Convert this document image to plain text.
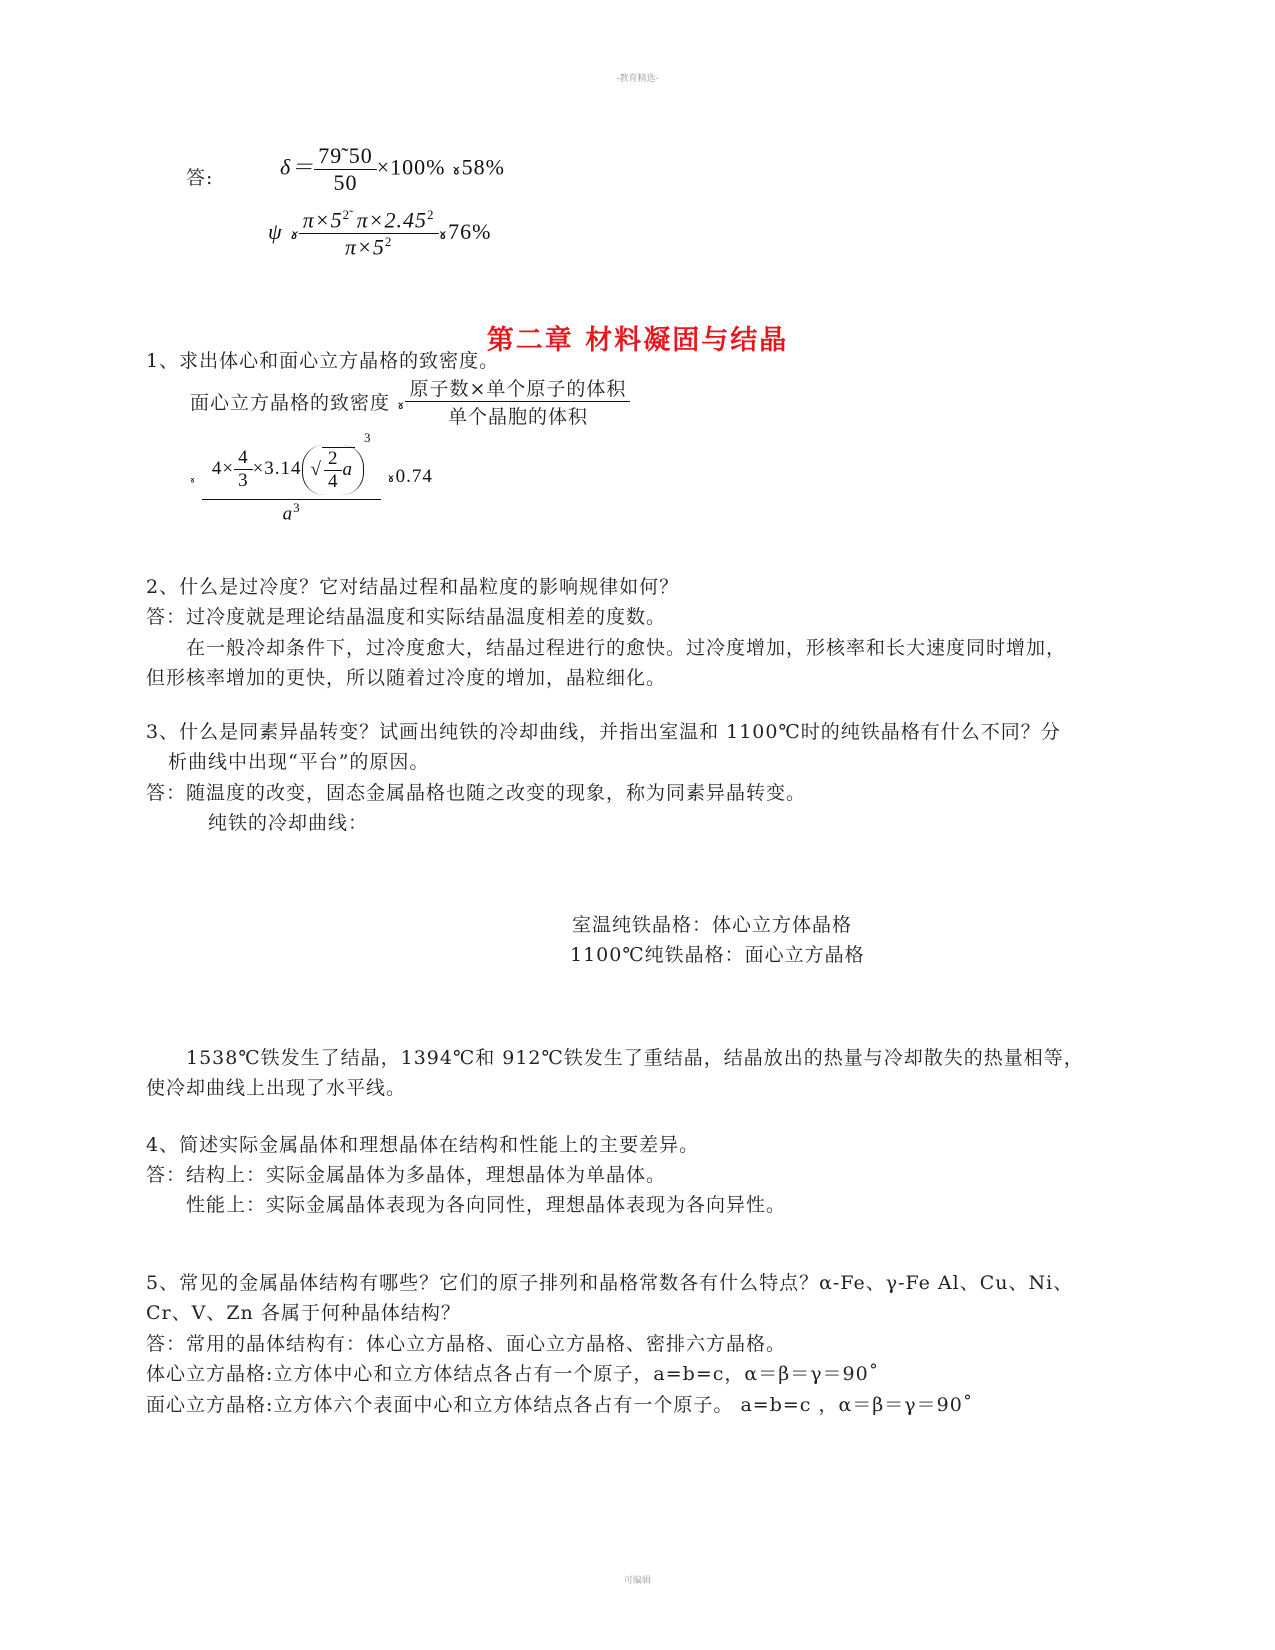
-教育精选-
答:	$\delta= \frac{79̃ 50}{50} \times 100\%$ ៵58%
ψ ៵ $\frac{\pi\times 5^{2̃} \pi\times 2.45^2}{\pi\times 5^2}$ ៵76%
第二章 材料凝固与结晶
1、求出体心和面心立方晶格的致密度。
面心立方晶格的致密度 ៵ $\frac{\text{原子数×单个原子的体积}}{\text{单个晶胞的体积}}$
៵ $\frac{4\times \frac{4}{3} \times 3.14 √ \frac{2}{4} a^3}{a^3}$ ៵0.74
2、什么是过冷度？它对结晶过程和晶粒度的影响规律如何？
答：过冷度就是理论结晶温度和实际结晶温度相差的度数。
在一般冷却条件下，过冷度愈大，结晶过程进行的愈快。过冷度增加，形核率和长大速度同时增加，
但形核率增加的更快，所以随着过冷度的增加，晶粒细化。
3、什么是同素异晶转变？试画出纯铁的冷却曲线，并指出室温和 1100℃时的纯铁晶格有什么不同？分
析曲线中出现“平台”的原因。
答：随温度的改变，固态金属晶格也随之改变的现象，称为同素异晶转变。
纯铁的冷却曲线：
室温纯铁晶格：体心立方体晶格
1100℃纯铁晶格：面心立方晶格
1538℃铁发生了结晶，1394℃和 912℃铁发生了重结晶，结晶放出的热量与冷却散失的热量相等，
使冷却曲线上出现了水平线。
4、简述实际金属晶体和理想晶体在结构和性能上的主要差异。
答：结构上：实际金属晶体为多晶体，理想晶体为单晶体。
性能上：实际金属晶体表现为各向同性，理想晶体表现为各向异性。
5、常见的金属晶体结构有哪些？它们的原子排列和晶格常数各有什么特点？α-Fe、γ-Fe Al、Cu、Ni、
Cr、V、Zn 各属于何种晶体结构？
答：常用的晶体结构有：体心立方晶格、面心立方晶格、密排六方晶格。
体心立方晶格:立方体中心和立方体结点各占有一个原子，a=b=c，α＝β＝γ＝90˚
面心立方晶格:立方体六个表面中心和立方体结点各占有一个原子。 a=b=c ，α＝β＝γ＝90˚
可编辑
